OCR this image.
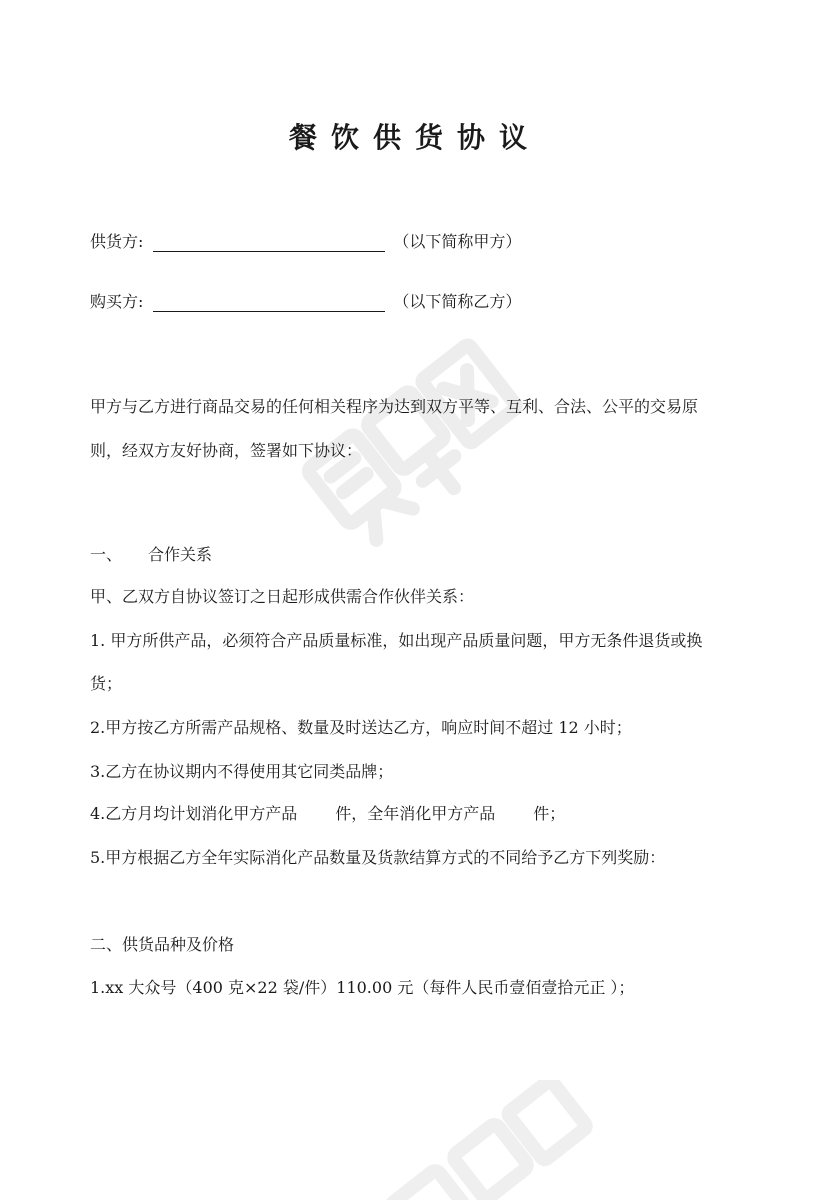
餐饮供货协议
供货方:	（以下简称甲方）
购买方:	（以下简称乙方）
甲方与乙方进行商品交易的任何相关程序为达到双方平等、互利、合法、公平的交易原
则，经双方友好协商，签署如下协议：
一、 合作关系
甲、乙双方自协议签订之日起形成供需合作伙伴关系：
1. 甲方所供产品，必须符合产品质量标准，如出现产品质量问题，甲方无条件退货或换
货；
2.甲方按乙方所需产品规格、数量及时送达乙方，响应时间不超过 12 小时；
3.乙方在协议期内不得使用其它同类品牌；
4.乙方月均计划消化甲方产品 件，全年消化甲方产品 件；
5.甲方根据乙方全年实际消化产品数量及货款结算方式的不同给予乙方下列奖励：
二、供货品种及价格
1.xx 大众号（400 克×22 袋/件）110.00 元（每件人民币壹佰壹拾元正 ）；
